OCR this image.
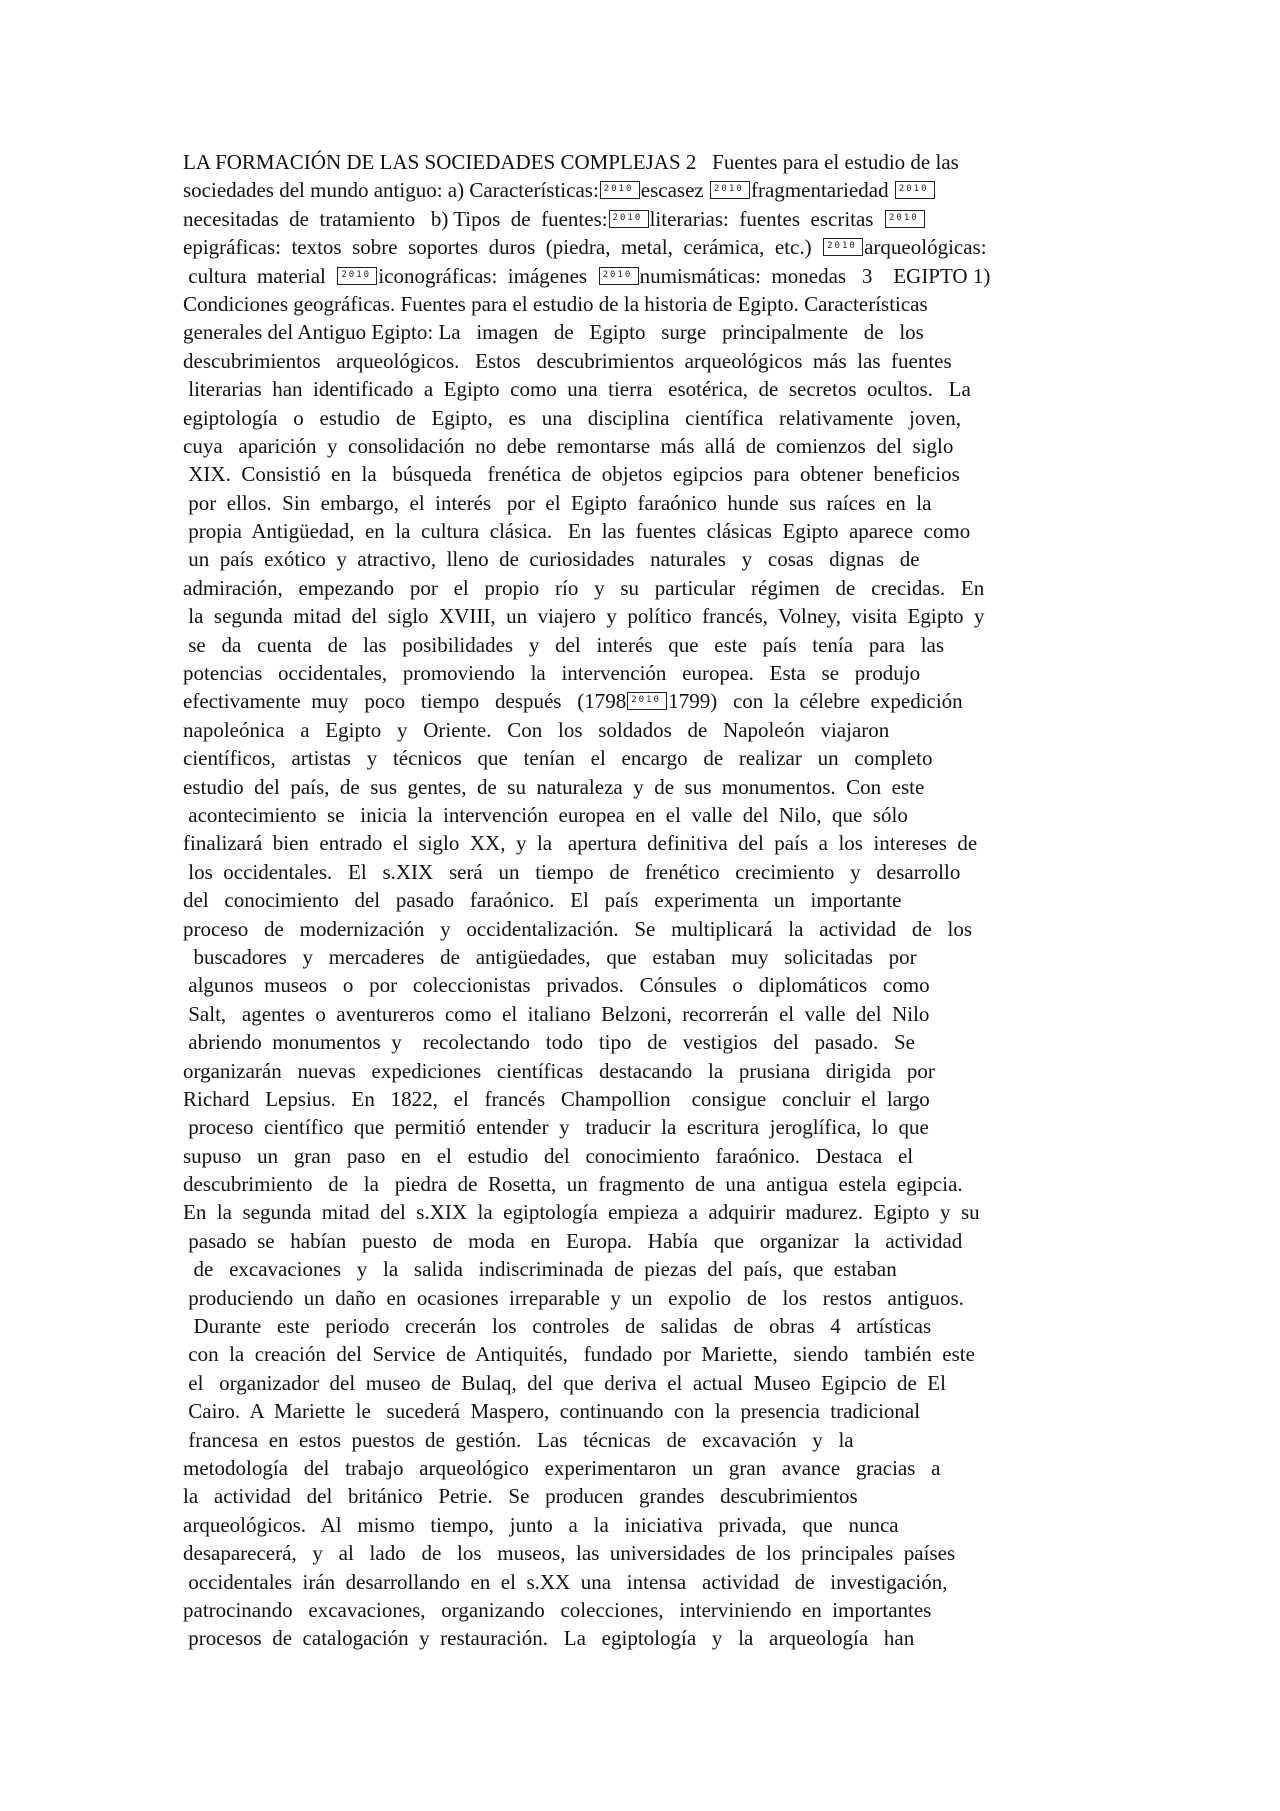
LA FORMACIÓN DE LAS SOCIEDADES COMPLEJAS 2   Fuentes para el estudio de las
sociedades del mundo antiguo: a) Características: 2010 escasez  2010fragmentariedad  2010
necesitadas  de  tratamiento   b) Tipos  de  fuentes: 2010 literarias:  fuentes  escritas   2010
epigráficas:  textos  sobre  soportes  duros  (piedra,  metal,  cerámica,  etc.)   2010arqueológicas:
cultura  material   2010iconográficas:  imágenes   2010numismáticas:  monedas   3    EGIPTO 1)
Condiciones geográficas. Fuentes para el estudio de la historia de Egipto. Características
generales del Antiguo Egipto: La   imagen   de   Egipto   surge   principalmente   de   los
descubrimientos   arqueológicos.   Estos   descubrimientos  arqueológicos  más  las  fuentes
literarias  han  identificado  a  Egipto  como  una  tierra   esotérica,  de  secretos  ocultos.   La
egiptología   o   estudio   de   Egipto,   es   una   disciplina   científica   relativamente   joven,
cuya   aparición  y  consolidación  no  debe  remontarse  más  allá  de  comienzos  del  siglo
XIX.  Consistió  en  la   búsqueda   frenética  de  objetos  egipcios  para  obtener  beneficios
por  ellos.  Sin  embargo,  el  interés   por  el  Egipto  faraónico  hunde  sus  raíces  en  la
propia  Antigüedad,  en  la  cultura  clásica.   En  las  fuentes  clásicas  Egipto  aparece  como
un  país  exótico  y  atractivo,  lleno  de  curiosidades   naturales   y   cosas   dignas   de
admiración,   empezando   por   el   propio   río   y   su   particular   régimen   de   crecidas.   En
la  segunda  mitad  del  siglo  XVIII,  un  viajero  y  político  francés,  Volney,  visita  Egipto  y
se   da   cuenta   de   las   posibilidades   y   del   interés   que   este   país   tenía   para   las
potencias   occidentales,   promoviendo   la   intervención   europea.   Esta   se   produjo
efectivamente  muy   poco   tiempo   después   (1798 2010 1799)   con  la  célebre  expedición
napoleónica   a   Egipto   y   Oriente.   Con   los   soldados   de   Napoleón   viajaron
científicos,   artistas   y   técnicos   que   tenían   el   encargo   de   realizar   un   completo
estudio  del  país,  de  sus  gentes,  de  su  naturaleza  y  de  sus  monumentos.  Con  este
acontecimiento  se   inicia  la  intervención  europea  en  el  valle  del  Nilo,  que  sólo
finalizará  bien  entrado  el  siglo  XX,  y  la   apertura  definitiva  del  país  a  los  intereses  de
los  occidentales.   El   s.XIX   será   un   tiempo   de   frenético   crecimiento   y   desarrollo
del   conocimiento   del   pasado   faraónico.   El   país   experimenta   un   importante
proceso   de   modernización   y   occidentalización.   Se   multiplicará   la   actividad   de   los
buscadores   y   mercaderes   de   antigüedades,   que   estaban   muy   solicitadas   por
algunos  museos   o   por   coleccionistas   privados.   Cónsules   o   diplomáticos   como
Salt,   agentes  o  aventureros  como  el  italiano  Belzoni,  recorrerán  el  valle  del  Nilo
abriendo  monumentos  y    recolectando   todo   tipo   de   vestigios   del   pasado.   Se
organizarán   nuevas   expediciones   científicas   destacando   la   prusiana   dirigida   por
Richard   Lepsius.   En   1822,   el   francés   Champollion    consigue   concluir  el  largo
proceso  científico  que  permitió  entender  y   traducir  la  escritura  jeroglífica,  lo  que
supuso   un   gran   paso   en   el   estudio   del   conocimiento   faraónico.   Destaca   el
descubrimiento   de   la   piedra  de  Rosetta,  un  fragmento  de  una  antigua  estela  egipcia.
En  la  segunda  mitad  del  s.XIX  la  egiptología  empieza  a  adquirir  madurez.  Egipto  y  su
pasado  se   habían   puesto   de   moda   en   Europa.   Había   que   organizar   la   actividad
de   excavaciones   y   la   salida   indiscriminada  de  piezas  del  país,  que  estaban
produciendo  un  daño  en  ocasiones  irreparable  y  un   expolio   de   los   restos   antiguos.
Durante   este   periodo   crecerán   los   controles   de   salidas   de   obras   4   artísticas
con  la  creación  del  Service  de  Antiquités,   fundado  por  Mariette,   siendo   también  este
el   organizador  del  museo  de  Bulaq,  del  que  deriva  el  actual  Museo  Egipcio  de  El
Cairo.  A  Mariette  le   sucederá  Maspero,  continuando  con  la  presencia  tradicional
francesa  en  estos  puestos  de  gestión.   Las   técnicas   de   excavación   y   la
metodología   del   trabajo   arqueológico   experimentaron   un   gran   avance   gracias   a
la   actividad   del   británico   Petrie.   Se   producen   grandes   descubrimientos
arqueológicos.   Al   mismo   tiempo,   junto   a   la   iniciativa   privada,   que   nunca
desaparecerá,   y   al   lado   de   los   museos,  las  universidades  de  los  principales  países
occidentales  irán  desarrollando  en  el  s.XX  una   intensa   actividad   de   investigación,
patrocinando   excavaciones,   organizando   colecciones,   interviniendo  en  importantes
procesos  de  catalogación  y  restauración.   La   egiptología   y   la   arqueología   han
